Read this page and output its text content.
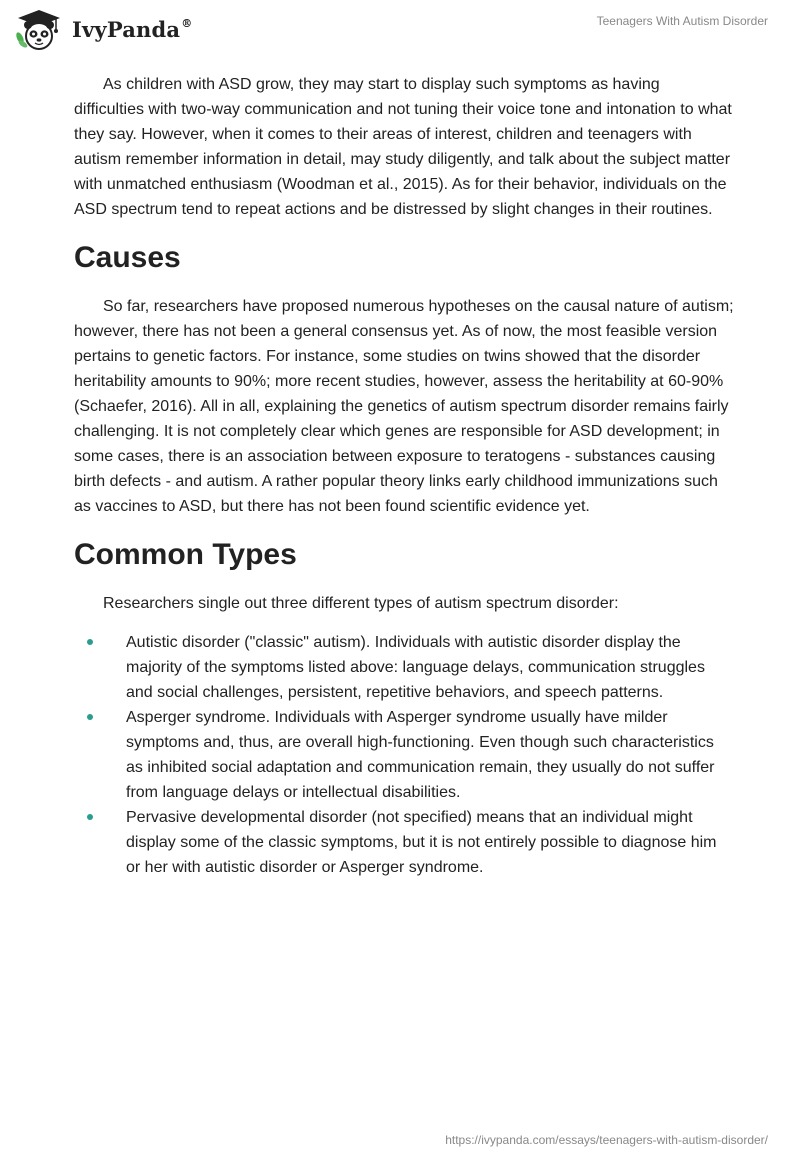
IvyPanda®	Teenagers With Autism Disorder

As children with ASD grow, they may start to display such symptoms as having difficulties with two-way communication and not tuning their voice tone and intonation to what they say. However, when it comes to their areas of interest, children and teenagers with autism remember information in detail, may study diligently, and talk about the subject matter with unmatched enthusiasm (Woodman et al., 2015). As for their behavior, individuals on the ASD spectrum tend to repeat actions and be distressed by slight changes in their routines.

Causes

So far, researchers have proposed numerous hypotheses on the causal nature of autism; however, there has not been a general consensus yet. As of now, the most feasible version pertains to genetic factors. For instance, some studies on twins showed that the disorder heritability amounts to 90%; more recent studies, however, assess the heritability at 60-90% (Schaefer, 2016). All in all, explaining the genetics of autism spectrum disorder remains fairly challenging. It is not completely clear which genes are responsible for ASD development; in some cases, there is an association between exposure to teratogens - substances causing birth defects - and autism. A rather popular theory links early childhood immunizations such as vaccines to ASD, but there has not been found scientific evidence yet.

Common Types

Researchers single out three different types of autism spectrum disorder:

Autistic disorder ("classic" autism). Individuals with autistic disorder display the majority of the symptoms listed above: language delays, communication struggles and social challenges, persistent, repetitive behaviors, and speech patterns.
Asperger syndrome. Individuals with Asperger syndrome usually have milder symptoms and, thus, are overall high-functioning. Even though such characteristics as inhibited social adaptation and communication remain, they usually do not suffer from language delays or intellectual disabilities.
Pervasive developmental disorder (not specified) means that an individual might display some of the classic symptoms, but it is not entirely possible to diagnose him or her with autistic disorder or Asperger syndrome.
https://ivypanda.com/essays/teenagers-with-autism-disorder/
